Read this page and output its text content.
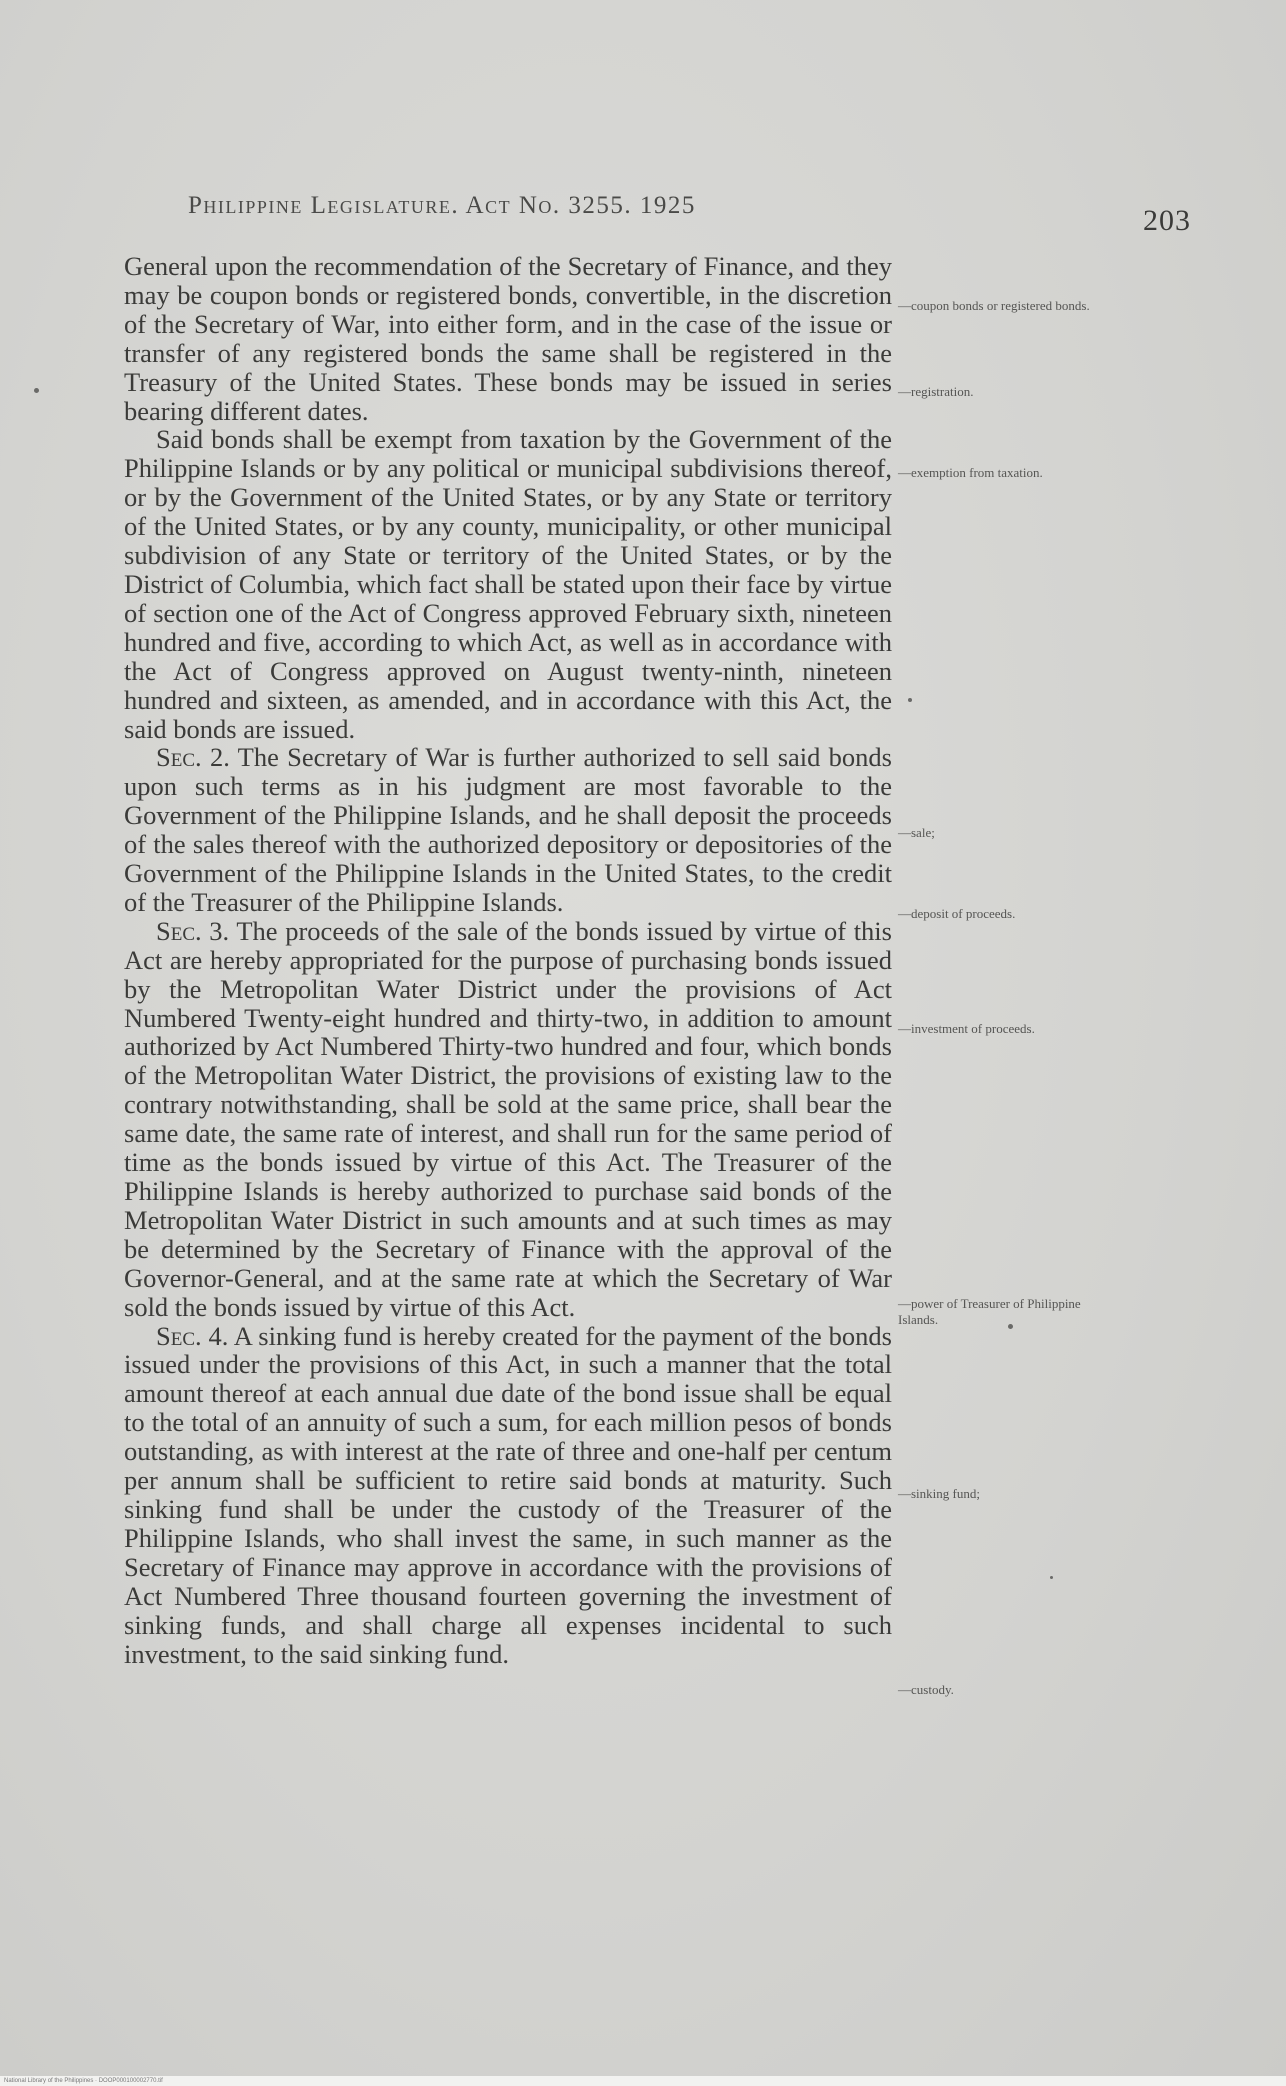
Philippine Legislature. Act No. 3255. 1925	203

General upon the recommendation of the Secretary of Finance, and they may be coupon bonds or registered bonds, convertible, in the discretion of the Secretary of War, into either form, and in the case of the issue or transfer of any registered bonds the same shall be registered in the Treasury of the United States. These bonds may be issued in series bearing different dates.

Said bonds shall be exempt from taxation by the Government of the Philippine Islands or by any political or municipal subdivisions thereof, or by the Government of the United States, or by any State or territory of the United States, or by any county, municipality, or other municipal subdivision of any State or territory of the United States, or by the District of Columbia, which fact shall be stated upon their face by virtue of section one of the Act of Congress approved February sixth, nineteen hundred and five, according to which Act, as well as in accordance with the Act of Congress approved on August twenty-ninth, nineteen hundred and sixteen, as amended, and in accordance with this Act, the said bonds are issued.

Sec. 2. The Secretary of War is further authorized to sell said bonds upon such terms as in his judgment are most favorable to the Government of the Philippine Islands, and he shall deposit the proceeds of the sales thereof with the authorized depository or depositories of the Government of the Philippine Islands in the United States, to the credit of the Treasurer of the Philippine Islands.

Sec. 3. The proceeds of the sale of the bonds issued by virtue of this Act are hereby appropriated for the purpose of purchasing bonds issued by the Metropolitan Water District under the provisions of Act Numbered Twenty-eight hundred and thirty-two, in addition to amount authorized by Act Numbered Thirty-two hundred and four, which bonds of the Metropolitan Water District, the provisions of existing law to the contrary notwithstanding, shall be sold at the same price, shall bear the same date, the same rate of interest, and shall run for the same period of time as the bonds issued by virtue of this Act. The Treasurer of the Philippine Islands is hereby authorized to purchase said bonds of the Metropolitan Water District in such amounts and at such times as may be determined by the Secretary of Finance with the approval of the Governor-General, and at the same rate at which the Secretary of War sold the bonds issued by virtue of this Act.

Sec. 4. A sinking fund is hereby created for the payment of the bonds issued under the provisions of this Act, in such a manner that the total amount thereof at each annual due date of the bond issue shall be equal to the total of an annuity of such a sum, for each million pesos of bonds outstanding, as with interest at the rate of three and one-half per centum per annum shall be sufficient to retire said bonds at maturity. Such sinking fund shall be under the custody of the Treasurer of the Philippine Islands, who shall invest the same, in such manner as the Secretary of Finance may approve in accordance with the provisions of Act Numbered Three thousand fourteen governing the investment of sinking funds, and shall charge all expenses incidental to such investment, to the said sinking fund.

—coupon bonds or registered bonds.
—registration.
—exemption from taxation.
—sale;
—deposit of proceeds.
—investment of proceeds.
—power of Treasurer of Philippine Islands.
—sinking fund;
—custody.
National Library of the Philippines · DOOP000100002770.tif
